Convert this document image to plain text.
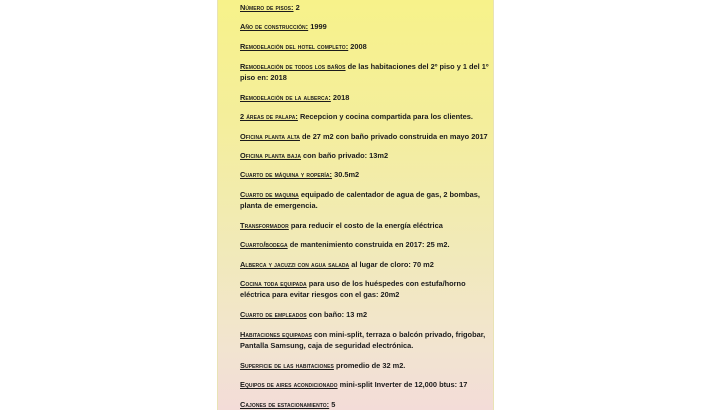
Número de pisos: 2
Año de construcción: 1999
Remodelación del hotel completo: 2008
Remodelación de todos los baños de las habitaciones del 2º piso y 1 del 1º piso en: 2018
Remodelación de la alberca: 2018
2 áreas de palapa: Recepcion y cocina compartida para los clientes.
Oficina planta alta de 27 m2 con baño privado construida en mayo 2017
Oficina planta baja con baño privado: 13m2
Cuarto de máquina y ropería: 30.5m2
Cuarto de maquina equipado de calentador de agua de gas, 2 bombas, planta de emergencia.
Transformador para reducir el costo de la energía eléctrica
Cuarto/bodega de mantenimiento construida en 2017: 25 m2.
Alberca y jacuzzi con agua salada al lugar de cloro: 70 m2
Cocina toda equipada para uso de los huéspedes con estufa/horno eléctrica para evitar riesgos con el gas: 20m2
Cuarto de empleados con baño: 13 m2
Habitaciones equipadas con mini-split, terraza o balcón privado, frigobar, Pantalla Samsung, caja de seguridad electrónica.
Superficie de las habitaciones promedio de 32 m2.
Equipos de aires acondicionado mini-split Inverter de 12,000 btus: 17
Cajones de estacionamiento: 5
